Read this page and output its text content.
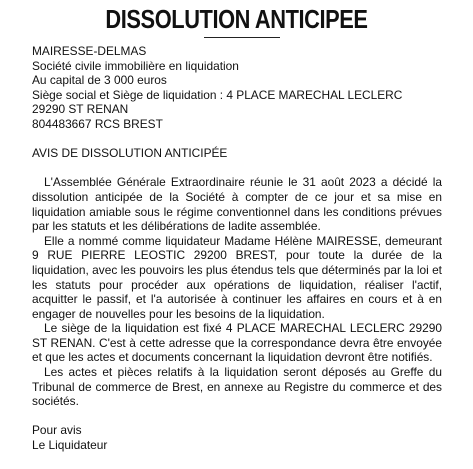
DISSOLUTION ANTICIPEE
MAIRESSE-DELMAS
Société civile immobilière en liquidation
Au capital de 3 000 euros
Siège social et Siège de liquidation : 4 PLACE MARECHAL LECLERC
29290 ST RENAN
804483667 RCS BREST
AVIS DE DISSOLUTION ANTICIPÉE

L'Assemblée Générale Extraordinaire réunie le 31 août 2023 a décidé la dissolution anticipée de la Société à compter de ce jour et sa mise en liquidation amiable sous le régime conventionnel dans les conditions prévues par les statuts et les délibérations de ladite assemblée.

Elle a nommé comme liquidateur Madame Hélène MAIRESSE, demeurant 9 RUE PIERRE LEOSTIC 29200 BREST, pour toute la durée de la liquidation, avec les pouvoirs les plus étendus tels que déterminés par la loi et les statuts pour procéder aux opérations de liquidation, réaliser l'actif, acquitter le passif, et l'a autorisée à continuer les affaires en cours et à en engager de nouvelles pour les besoins de la liquidation.

Le siège de la liquidation est fixé 4 PLACE MARECHAL LECLERC 29290 ST RENAN. C'est à cette adresse que la correspondance devra être envoyée et que les actes et documents concernant la liquidation devront être notifiés.

Les actes et pièces relatifs à la liquidation seront déposés au Greffe du Tribunal de commerce de Brest, en annexe au Registre du commerce et des sociétés.

Pour avis
Le Liquidateur
